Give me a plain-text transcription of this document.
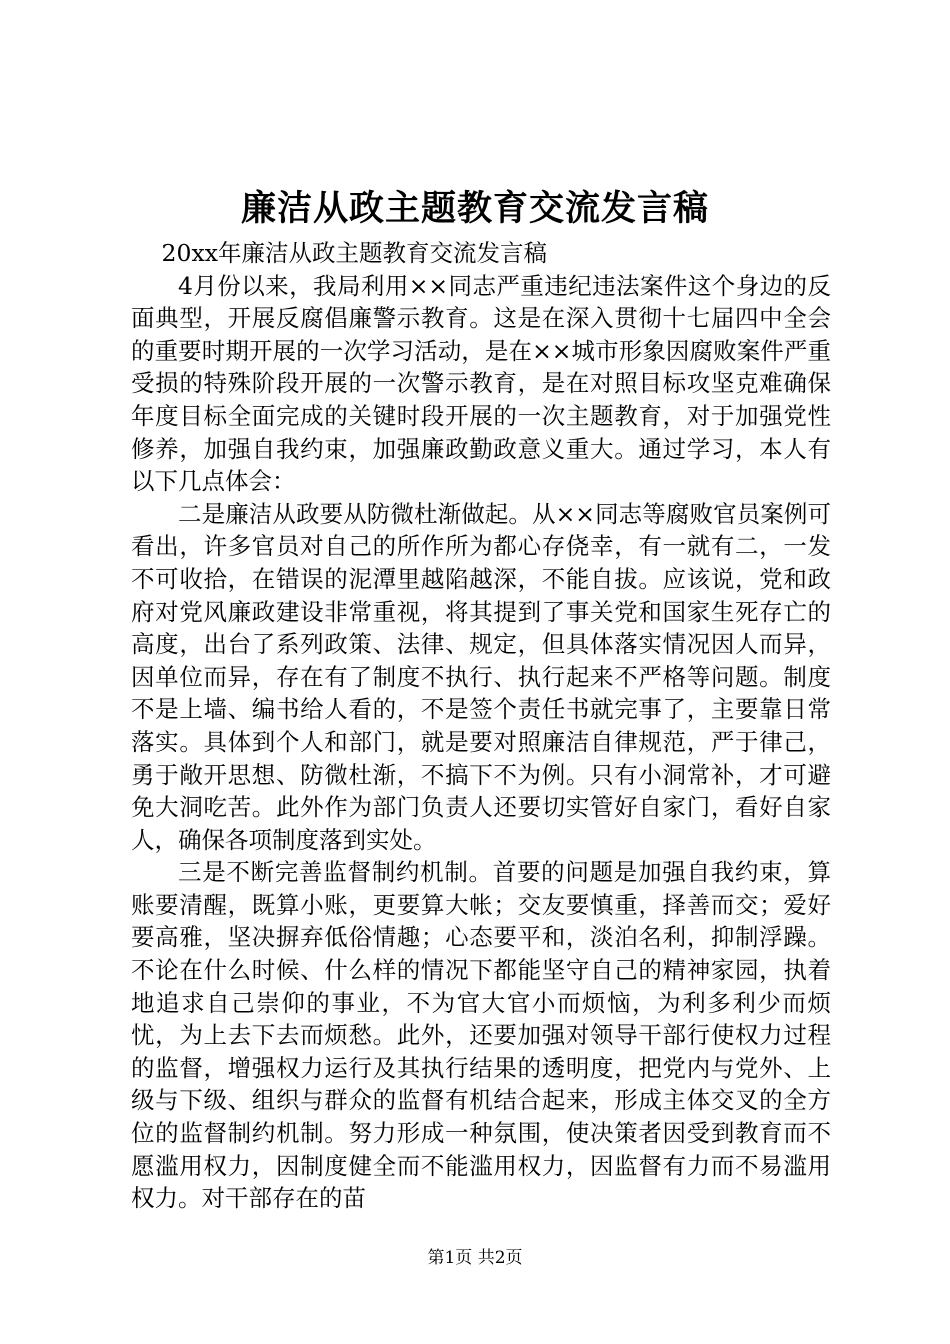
廉洁从政主题教育交流发言稿

20xx年廉洁从政主题教育交流发言稿

4月份以来，我局利用××同志严重违纪违法案件这个身边的反面典型，开展反腐倡廉警示教育。这是在深入贯彻十七届四中全会的重要时期开展的一次学习活动，是在××城市形象因腐败案件严重受损的特殊阶段开展的一次警示教育，是在对照目标攻坚克难确保年度目标全面完成的关键时段开展的一次主题教育，对于加强党性修养，加强自我约束，加强廉政勤政意义重大。通过学习，本人有以下几点体会：

二是廉洁从政要从防微杜渐做起。从××同志等腐败官员案例可看出，许多官员对自己的所作所为都心存侥幸，有一就有二，一发不可收拾，在错误的泥潭里越陷越深，不能自拔。应该说，党和政府对党风廉政建设非常重视，将其提到了事关党和国家生死存亡的高度，出台了系列政策、法律、规定，但具体落实情况因人而异，因单位而异，存在有了制度不执行、执行起来不严格等问题。制度不是上墙、编书给人看的，不是签个责任书就完事了，主要靠日常落实。具体到个人和部门，就是要对照廉洁自律规范，严于律己，勇于敞开思想、防微杜渐，不搞下不为例。只有小洞常补，才可避免大洞吃苦。此外作为部门负责人还要切实管好自家门，看好自家人，确保各项制度落到实处。

三是不断完善监督制约机制。首要的问题是加强自我约束，算账要清醒，既算小账，更要算大帐；交友要慎重，择善而交；爱好要高雅，坚决摒弃低俗情趣；心态要平和，淡泊名利，抑制浮躁。不论在什么时候、什么样的情况下都能坚守自己的精神家园，执着地追求自己崇仰的事业，不为官大官小而烦恼，为利多利少而烦忧，为上去下去而烦愁。此外，还要加强对领导干部行使权力过程的监督，增强权力运行及其执行结果的透明度，把党内与党外、上级与下级、组织与群众的监督有机结合起来，形成主体交叉的全方位的监督制约机制。努力形成一种氛围，使决策者因受到教育而不愿滥用权力，因制度健全而不能滥用权力，因监督有力而不易滥用权力。对干部存在的苗

第1页 共2页
